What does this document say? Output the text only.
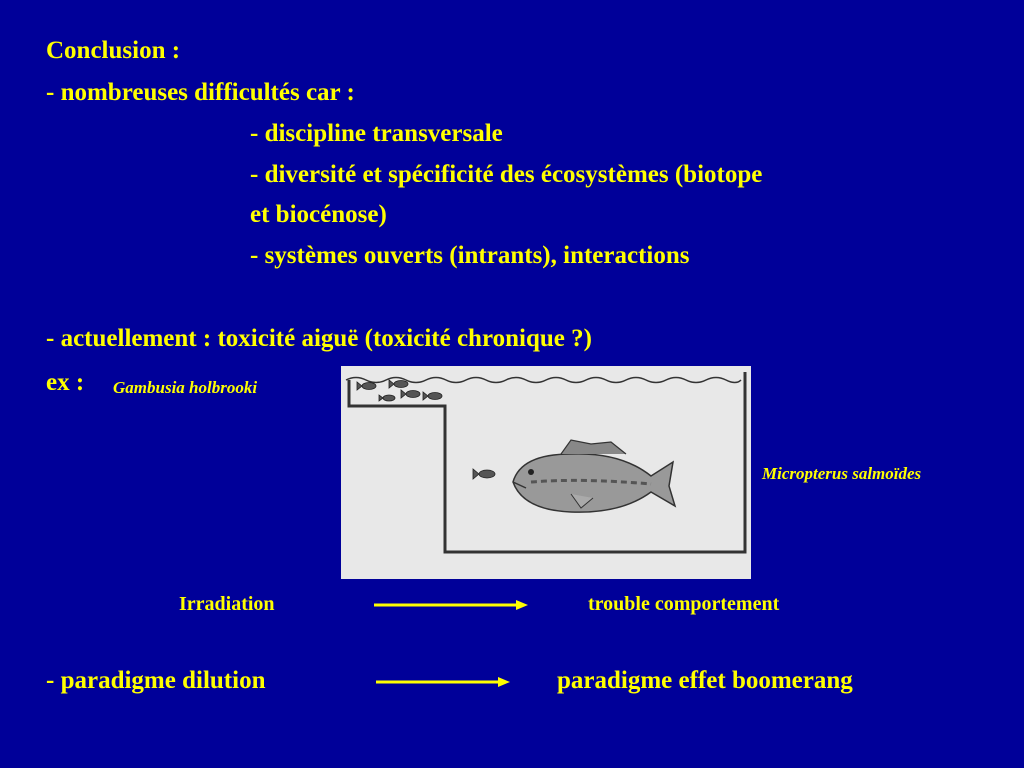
Conclusion :

- nombreuses difficultés car :

- discipline transversale

- diversité et spécificité des écosystèmes (biotope

et biocénose)

- systèmes ouverts (intrants), interactions

- actuellement : toxicité aiguë (toxicité chronique ?)

ex : Gambusia holbrooki
Micropterus salmoïdes
Irradiation	trouble comportement

- paradigme dilution	paradigme effet boomerang
